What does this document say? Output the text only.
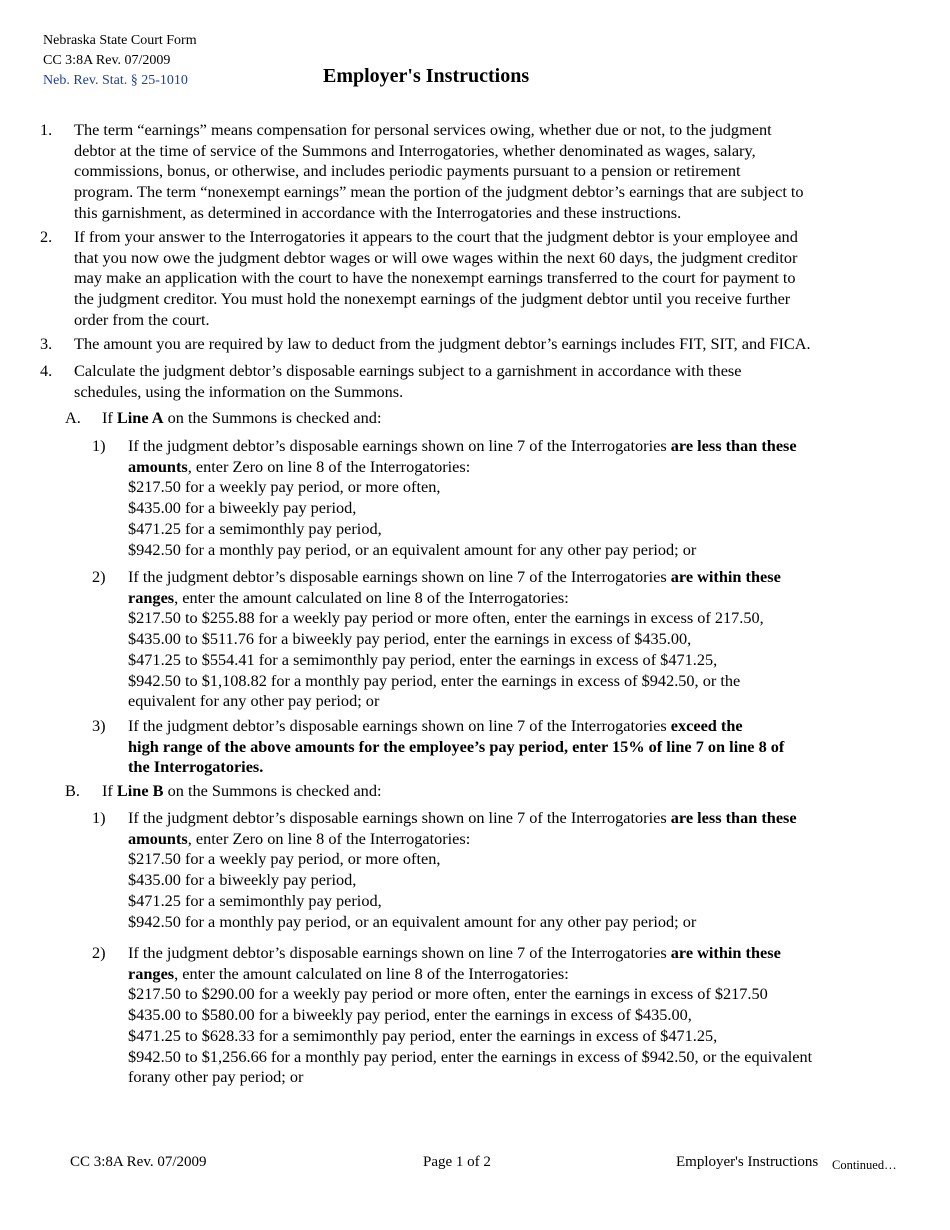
Nebraska State Court Form
CC 3:8A Rev. 07/2009
Neb. Rev. Stat. § 25-1010	Employer's Instructions
1. The term “earnings” means compensation for personal services owing, whether due or not, to the judgment
debtor at the time of service of the Summons and Interrogatories, whether denominated as wages, salary,
commissions, bonus, or otherwise, and includes periodic payments pursuant to a pension or retirement
program. The term “nonexempt earnings” mean the portion of the judgment debtor’s earnings that are subject to
this garnishment, as determined in accordance with the Interrogatories and these instructions.
2. If from your answer to the Interrogatories it appears to the court that the judgment debtor is your employee and
that you now owe the judgment debtor wages or will owe wages within the next 60 days, the judgment creditor
may make an application with the court to have the nonexempt earnings transferred to the court for payment to
the judgment creditor. You must hold the nonexempt earnings of the judgment debtor until you receive further
order from the court.
3. The amount you are required by law to deduct from the judgment debtor’s earnings includes FIT, SIT, and FICA.
4. Calculate the judgment debtor’s disposable earnings subject to a garnishment in accordance with these
schedules, using the information on the Summons.
A. If Line A on the Summons is checked and:
1) If the judgment debtor’s disposable earnings shown on line 7 of the Interrogatories are less than these
amounts, enter Zero on line 8 of the Interrogatories:
$217.50 for a weekly pay period, or more often,
$435.00 for a biweekly pay period,
$471.25 for a semimonthly pay period,
$942.50 for a monthly pay period, or an equivalent amount for any other pay period; or
2) If the judgment debtor’s disposable earnings shown on line 7 of the Interrogatories are within these
ranges, enter the amount calculated on line 8 of the Interrogatories:
$217.50 to $255.88 for a weekly pay period or more often, enter the earnings in excess of 217.50,
$435.00 to $511.76 for a biweekly pay period, enter the earnings in excess of $435.00,
$471.25 to $554.41 for a semimonthly pay period, enter the earnings in excess of $471.25,
$942.50 to $1,108.82 for a monthly pay period, enter the earnings in excess of $942.50, or the
equivalent for any other pay period; or
3) If the judgment debtor’s disposable earnings shown on line 7 of the Interrogatories exceed the
high range of the above amounts for the employee’s pay period, enter 15% of line 7 on line 8 of
the Interrogatories.
B. If Line B on the Summons is checked and:
1) If the judgment debtor’s disposable earnings shown on line 7 of the Interrogatories are less than these
amounts, enter Zero on line 8 of the Interrogatories:
$217.50 for a weekly pay period, or more often,
$435.00 for a biweekly pay period,
$471.25 for a semimonthly pay period,
$942.50 for a monthly pay period, or an equivalent amount for any other pay period; or
2) If the judgment debtor’s disposable earnings shown on line 7 of the Interrogatories are within these
ranges, enter the amount calculated on line 8 of the Interrogatories:
$217.50 to $290.00 for a weekly pay period or more often, enter the earnings in excess of $217.50
$435.00 to $580.00 for a biweekly pay period, enter the earnings in excess of $435.00,
$471.25 to $628.33 for a semimonthly pay period, enter the earnings in excess of $471.25,
$942.50 to $1,256.66 for a monthly pay period, enter the earnings in excess of $942.50, or the equivalent
forany other pay period; or
CC 3:8A Rev. 07/2009	Page 1 of 2	Employer's Instructions Continued…
